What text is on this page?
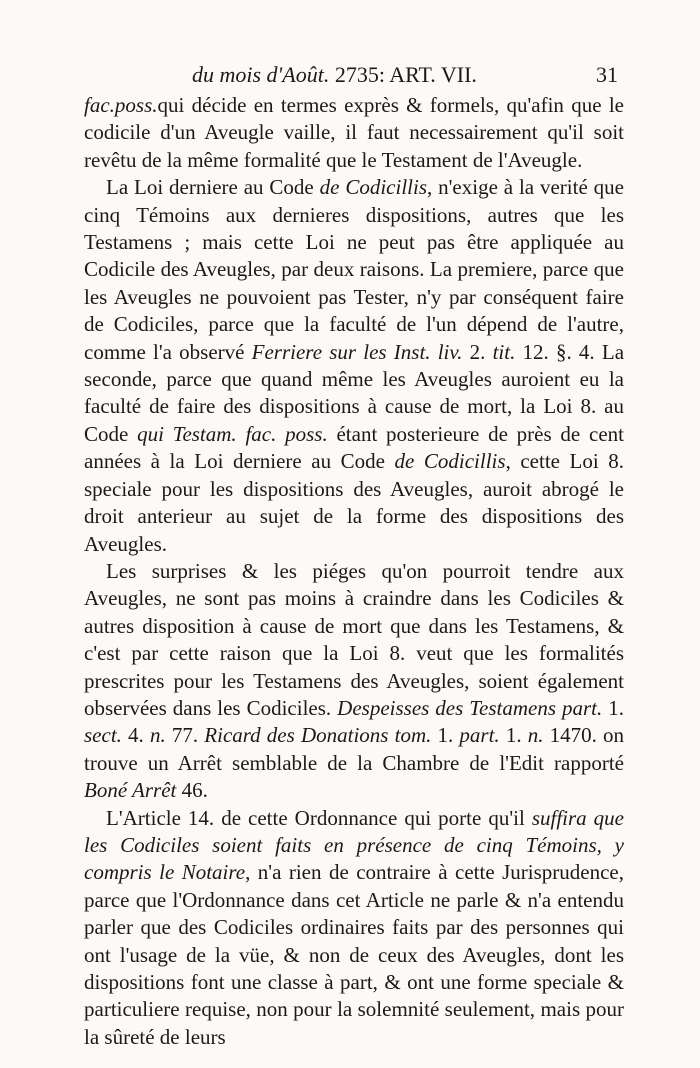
du mois d'Août. 2735: ART. VII.	31

fac.poss.qui décide en termes exprès & formels, qu'afin que le codicile d'un Aveugle vaille, il faut necessairement qu'il soit revêtu de la même formalité que le Testament de l'Aveugle.

La Loi derniere au Code de Codicillis, n'exige à la verité que cinq Témoins aux dernieres dispositions, autres que les Testamens ; mais cette Loi ne peut pas être appliquée au Codicile des Aveugles, par deux raisons. La premiere, parce que les Aveugles ne pouvoient pas Tester, n'y par conséquent faire de Codiciles, parce que la faculté de l'un dépend de l'autre, comme l'a observé Ferriere sur les Inst. liv. 2. tit. 12. §. 4. La seconde, parce que quand même les Aveugles auroient eu la faculté de faire des dispositions à cause de mort, la Loi 8. au Code qui Testam. fac. poss. étant posterieure de près de cent années à la Loi derniere au Code de Codicillis, cette Loi 8. speciale pour les dispositions des Aveugles, auroit abrogé le droit anterieur au sujet de la forme des dispositions des Aveugles.

Les surprises & les piéges qu'on pourroit tendre aux Aveugles, ne sont pas moins à craindre dans les Codiciles & autres disposition à cause de mort que dans les Testamens, & c'est par cette raison que la Loi 8. veut que les formalités prescrites pour les Testamens des Aveugles, soient également observées dans les Codiciles. Despeisses des Testamens part. 1. sect. 4. n. 77. Ricard des Donations tom. 1. part. 1. n. 1470. on trouve un Arrêt semblable de la Chambre de l'Edit rapporté Boné Arrêt 46.

L'Article 14. de cette Ordonnance qui porte qu'il suffira que les Codiciles soient faits en présence de cinq Témoins, y compris le Notaire, n'a rien de contraire à cette Jurisprudence, parce que l'Ordonnance dans cet Article ne parle & n'a entendu parler que des Codiciles ordinaires faits par des personnes qui ont l'usage de la vüe, & non de ceux des Aveugles, dont les dispositions font une classe à part, & ont une forme speciale & particuliere requise, non pour la solemnité seulement, mais pour la sûreté de leurs
